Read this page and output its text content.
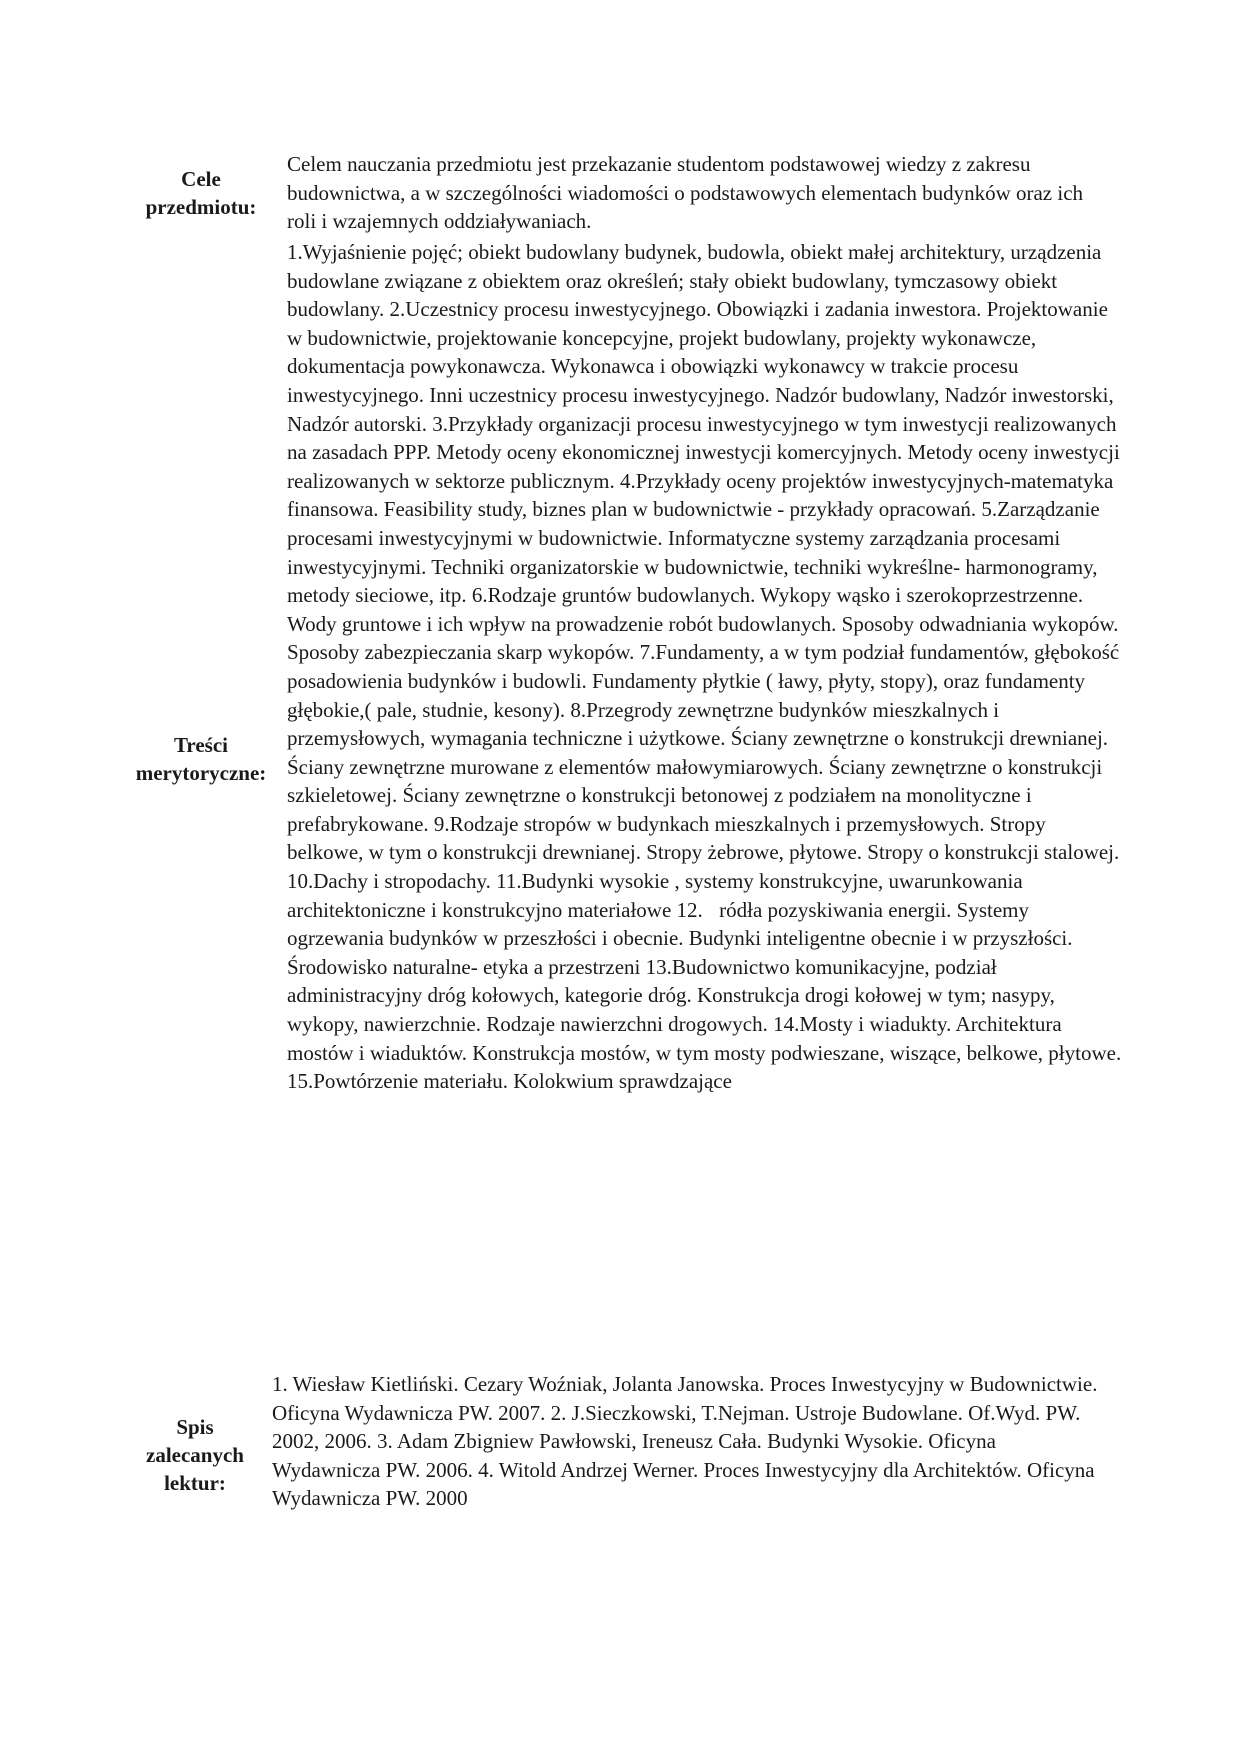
Cele
przedmiotu:
Celem nauczania przedmiotu jest przekazanie studentom podstawowej wiedzy z zakresu budownictwa, a w szczególności wiadomości o podstawowych elementach budynków oraz ich roli i wzajemnych oddziaływaniach.
Treści
merytoryczne:
1.Wyjaśnienie pojęć; obiekt budowlany budynek, budowla, obiekt małej architektury, urządzenia budowlane związane z obiektem oraz określeń; stały obiekt budowlany, tymczasowy obiekt budowlany. 2.Uczestnicy procesu inwestycyjnego. Obowiązki i zadania inwestora. Projektowanie w budownictwie, projektowanie koncepcyjne, projekt budowlany, projekty wykonawcze, dokumentacja powykonawcza. Wykonawca i obowiązki wykonawcy w trakcie procesu inwestycyjnego. Inni uczestnicy procesu inwestycyjnego. Nadzór budowlany, Nadzór inwestorski, Nadzór autorski. 3.Przykłady organizacji procesu inwestycyjnego w tym inwestycji realizowanych na zasadach PPP. Metody oceny ekonomicznej inwestycji komercyjnych. Metody oceny inwestycji realizowanych w sektorze publicznym. 4.Przykłady oceny projektów inwestycyjnych-matematyka finansowa. Feasibility study, biznes plan w budownictwie - przykłady opracowań. 5.Zarządzanie procesami inwestycyjnymi w budownictwie. Informatyczne systemy zarządzania procesami inwestycyjnymi. Techniki organizatorskie w budownictwie, techniki wykreślne- harmonogramy, metody sieciowe, itp. 6.Rodzaje gruntów budowlanych. Wykopy wąsko i szerokoprzestrzenne. Wody gruntowe i ich wpływ na prowadzenie robót budowlanych. Sposoby odwadniania wykopów. Sposoby zabezpieczania skarp wykopów. 7.Fundamenty, a w tym podział fundamentów, głębokość posadowienia budynków i budowli. Fundamenty płytkie ( ławy, płyty, stopy), oraz fundamenty głębokie,( pale, studnie, kesony). 8.Przegrody zewnętrzne budynków mieszkalnych i przemysłowych, wymagania techniczne i użytkowe. Ściany zewnętrzne o konstrukcji drewnianej. Ściany zewnętrzne murowane z elementów małowymiarowych. Ściany zewnętrzne o konstrukcji szkieletowej. Ściany zewnętrzne o konstrukcji betonowej z podziałem na monolityczne i prefabrykowane. 9.Rodzaje stropów w budynkach mieszkalnych i przemysłowych. Stropy belkowe, w tym o konstrukcji drewnianej. Stropy żebrowe, płytowe. Stropy o konstrukcji stalowej. 10.Dachy i stropodachy. 11.Budynki wysokie , systemy konstrukcyjne, uwarunkowania architektoniczne i konstrukcyjno materiałowe 12. ródła pozyskiwania energii. Systemy ogrzewania budynków w przeszłości i obecnie. Budynki inteligentne obecnie i w przyszłości. Środowisko naturalne- etyka a przestrzeni 13.Budownictwo komunikacyjne, podział administracyjny dróg kołowych, kategorie dróg. Konstrukcja drogi kołowej w tym; nasypy, wykopy, nawierzchnie. Rodzaje nawierzchni drogowych. 14.Mosty i wiadukty. Architektura mostów i wiaduktów. Konstrukcja mostów, w tym mosty podwieszane, wiszące, belkowe, płytowe. 15.Powtórzenie materiału. Kolokwium sprawdzające
Spis
zalecanych
lektur:
1. Wiesław Kietliński. Cezary Woźniak, Jolanta Janowska. Proces Inwestycyjny w Budownictwie. Oficyna Wydawnicza PW. 2007. 2. J.Sieczkowski, T.Nejman. Ustroje Budowlane. Of.Wyd. PW. 2002, 2006. 3. Adam Zbigniew Pawłowski, Ireneusz Cała. Budynki Wysokie. Oficyna Wydawnicza PW. 2006. 4. Witold Andrzej Werner. Proces Inwestycyjny dla Architektów. Oficyna Wydawnicza PW. 2000
